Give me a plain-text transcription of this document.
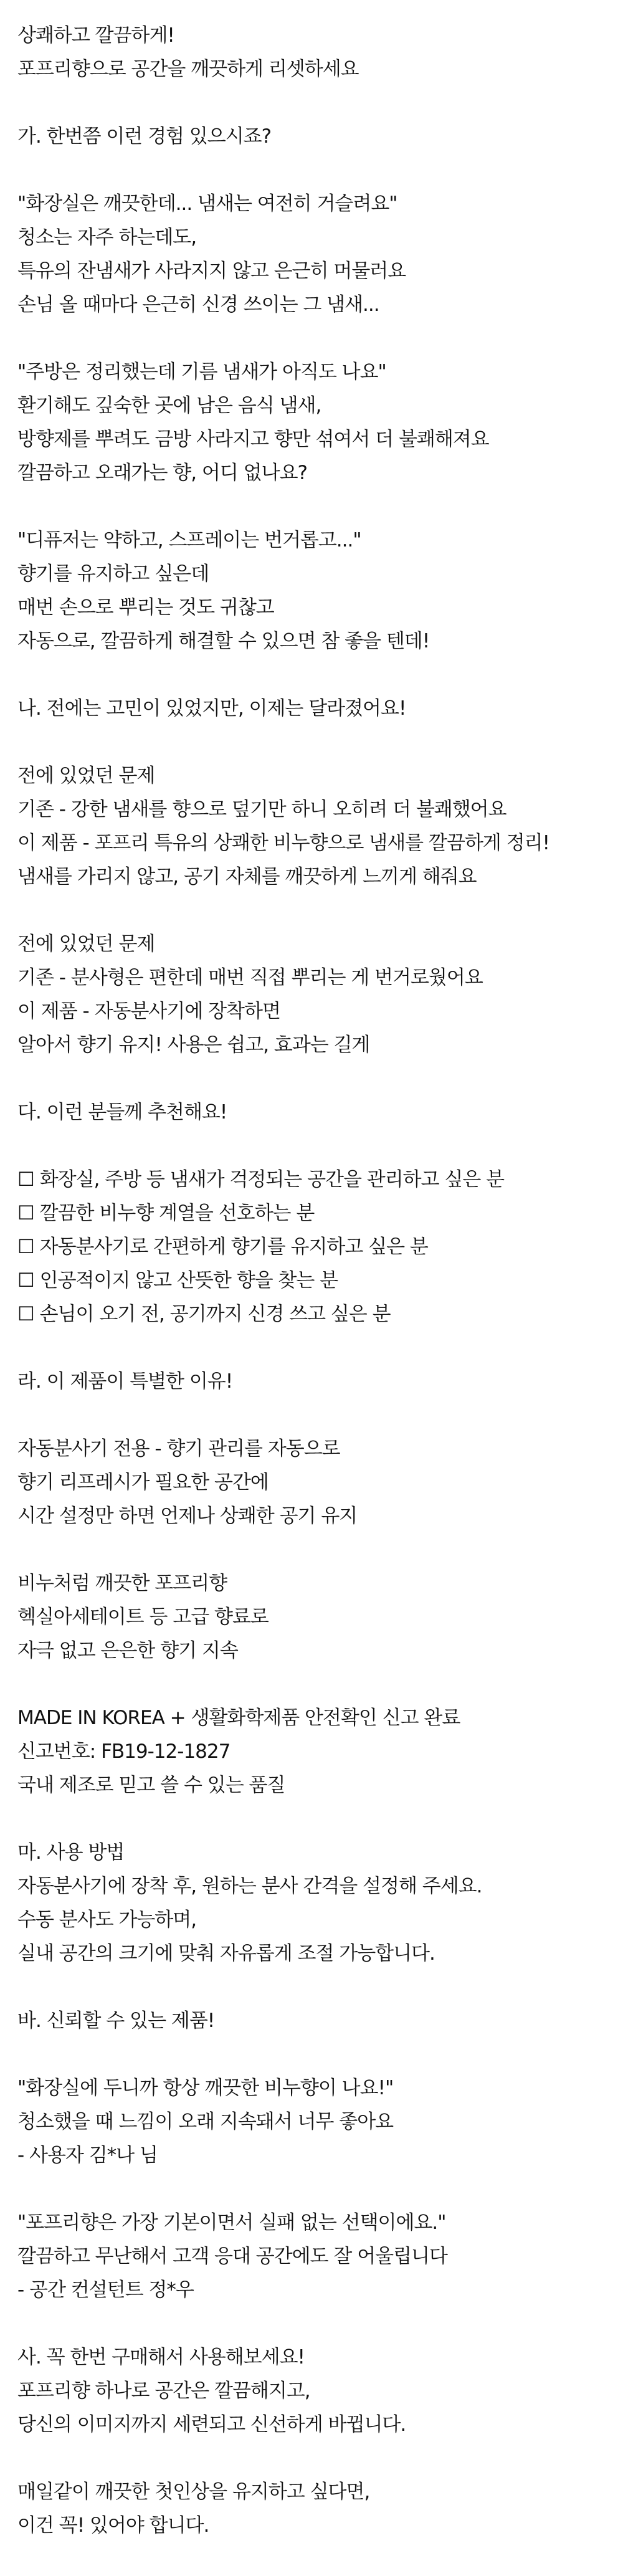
상쾌하고 깔끔하게!
포프리향으로 공간을 깨끗하게 리셋하세요
가. 한번쯤 이런 경험 있으시죠?
"화장실은 깨끗한데... 냄새는 여전히 거슬려요"
청소는 자주 하는데도,
특유의 잔냄새가 사라지지 않고 은근히 머물러요
손님 올 때마다 은근히 신경 쓰이는 그 냄새...
"주방은 정리했는데 기름 냄새가 아직도 나요"
환기해도 깊숙한 곳에 남은 음식 냄새,
방향제를 뿌려도 금방 사라지고 향만 섞여서 더 불쾌해져요
깔끔하고 오래가는 향, 어디 없나요?
"디퓨저는 약하고, 스프레이는 번거롭고..."
향기를 유지하고 싶은데
매번 손으로 뿌리는 것도 귀찮고
자동으로, 깔끔하게 해결할 수 있으면 참 좋을 텐데!
나. 전에는 고민이 있었지만, 이제는 달라졌어요!
전에 있었던 문제
기존 - 강한 냄새를 향으로 덮기만 하니 오히려 더 불쾌했어요
이 제품 - 포프리 특유의 상쾌한 비누향으로 냄새를 깔끔하게 정리!
냄새를 가리지 않고, 공기 자체를 깨끗하게 느끼게 해줘요
전에 있었던 문제
기존 - 분사형은 편한데 매번 직접 뿌리는 게 번거로웠어요
이 제품 - 자동분사기에 장착하면
알아서 향기 유지! 사용은 쉽고, 효과는 길게
다. 이런 분들께 추천해요!
☐ 화장실, 주방 등 냄새가 걱정되는 공간을 관리하고 싶은 분
☐ 깔끔한 비누향 계열을 선호하는 분
☐ 자동분사기로 간편하게 향기를 유지하고 싶은 분
☐ 인공적이지 않고 산뜻한 향을 찾는 분
☐ 손님이 오기 전, 공기까지 신경 쓰고 싶은 분
라. 이 제품이 특별한 이유!
자동분사기 전용 - 향기 관리를 자동으로
향기 리프레시가 필요한 공간에
시간 설정만 하면 언제나 상쾌한 공기 유지
비누처럼 깨끗한 포프리향
헥실아세테이트 등 고급 향료로
자극 없고 은은한 향기 지속
MADE IN KOREA + 생활화학제품 안전확인 신고 완료
신고번호: FB19-12-1827
국내 제조로 믿고 쓸 수 있는 품질
마. 사용 방법
자동분사기에 장착 후, 원하는 분사 간격을 설정해 주세요.
수동 분사도 가능하며,
실내 공간의 크기에 맞춰 자유롭게 조절 가능합니다.
바. 신뢰할 수 있는 제품!
"화장실에 두니까 항상 깨끗한 비누향이 나요!"
청소했을 때 느낌이 오래 지속돼서 너무 좋아요
- 사용자 김*나 님
"포프리향은 가장 기본이면서 실패 없는 선택이에요."
깔끔하고 무난해서 고객 응대 공간에도 잘 어울립니다
- 공간 컨설턴트 정*우
사. 꼭 한번 구매해서 사용해보세요!
포프리향 하나로 공간은 깔끔해지고,
당신의 이미지까지 세련되고 신선하게 바뀝니다.
매일같이 깨끗한 첫인상을 유지하고 싶다면,
이건 꼭! 있어야 합니다.
